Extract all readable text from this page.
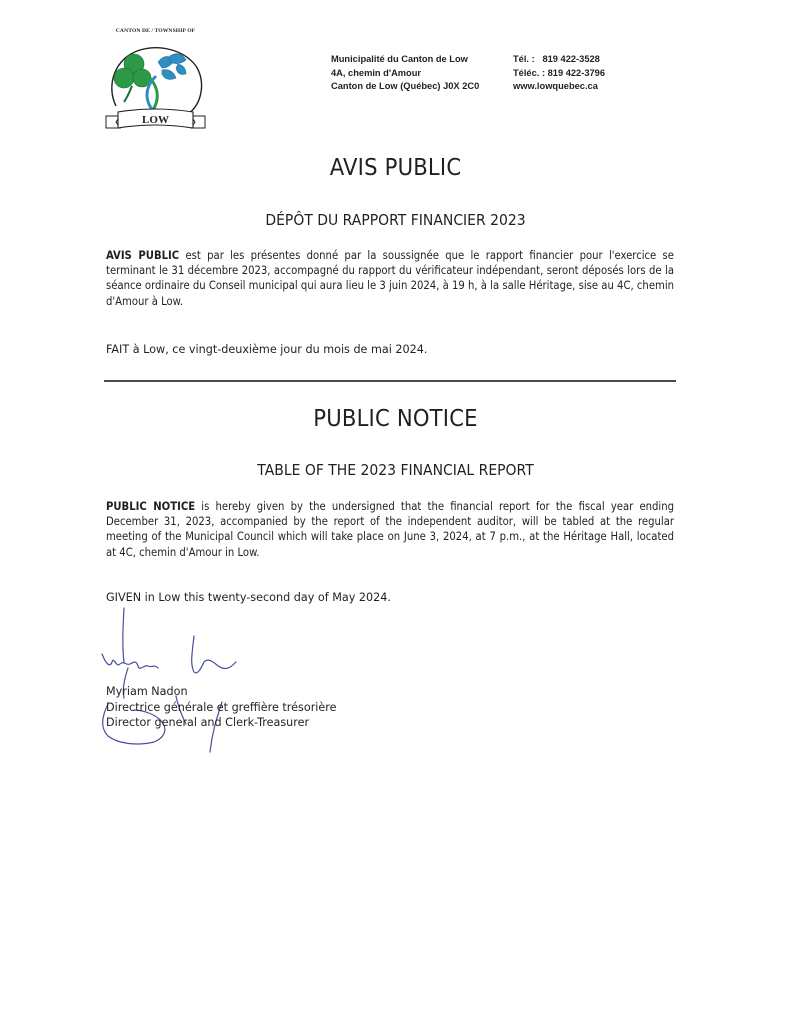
CANTON DE / TOWNSHIP OF
LOW
Municipalité du Canton de Low
4A, chemin d'Amour
Canton de Low (Québec) J0X 2C0
Tél. :   819 422-3528
Téléc. : 819 422-3796
www.lowquebec.ca
AVIS PUBLIC
DÉPÔT DU RAPPORT FINANCIER 2023
AVIS PUBLIC est par les présentes donné par la soussignée que le rapport financier pour l'exercice se terminant le 31 décembre 2023, accompagné du rapport du vérificateur indépendant, seront déposés lors de la séance ordinaire du Conseil municipal qui aura lieu le 3 juin 2024, à 19 h, à la salle Héritage, sise au 4C, chemin d'Amour à Low.
FAIT à Low, ce vingt-deuxième jour du mois de mai 2024.
PUBLIC NOTICE
TABLE OF THE 2023 FINANCIAL REPORT
PUBLIC NOTICE is hereby given by the undersigned that the financial report for the fiscal year ending December 31, 2023, accompanied by the report of the independent auditor, will be tabled at the regular meeting of the Municipal Council which will take place on June 3, 2024, at 7 p.m., at the Héritage Hall, located at 4C, chemin d'Amour in Low.
GIVEN in Low this twenty-second day of May 2024.
Myriam Nadon
Directrice générale et greffière trésorière
Director general and Clerk-Treasurer
